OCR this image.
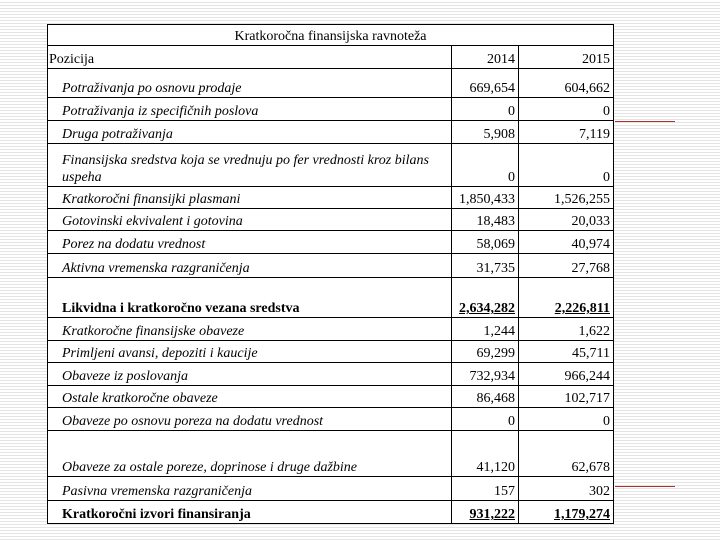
Kratkoročna finansijska ravnoteža		
Pozicija	2014	2015
Potraživanja po osnovu prodaje	669,654	604,662
Potraživanja iz specifičnih poslova	0	0
Druga potraživanja	5,908	7,119
Finansijska sredstva koja se vrednuju po fer vrednosti kroz bilans uspeha	0	0
Kratkoročni finansijki plasmani	1,850,433	1,526,255
Gotovinski ekvivalent i gotovina	18,483	20,033
Porez na dodatu vrednost	58,069	40,974
Aktivna vremenska razgraničenja	31,735	27,768
Likvidna i kratkoročno vezana sredstva	2,634,282	2,226,811
Kratkoročne finansijske obaveze	1,244	1,622
Primljeni avansi, depoziti i kaucije	69,299	45,711
Obaveze iz poslovanja	732,934	966,244
Ostale kratkoročne obaveze	86,468	102,717
Obaveze po osnovu poreza na dodatu vrednost	0	0
Obaveze za ostale poreze, doprinose i druge dažbine	41,120	62,678
Pasivna vremenska razgraničenja	157	302
Kratkoročni izvori finansiranja	931,222	1,179,274
